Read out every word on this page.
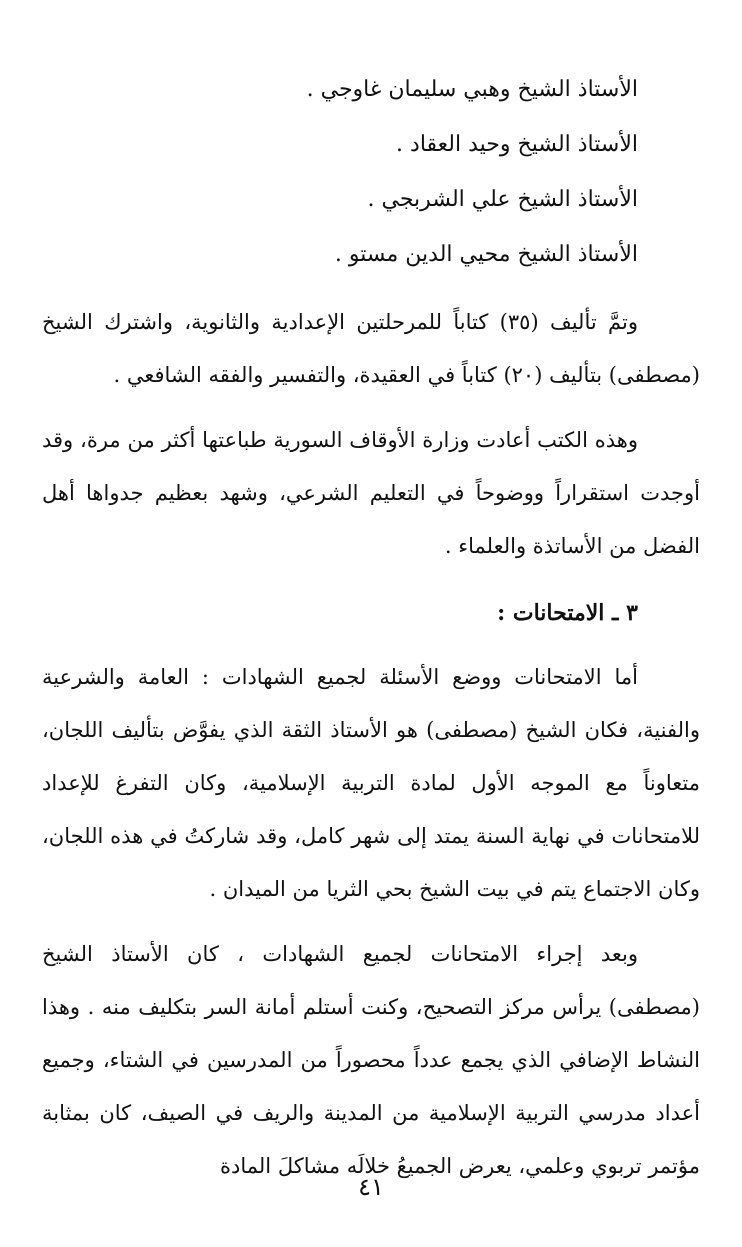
الأستاذ الشيخ وهبي سليمان غاوجي .
الأستاذ الشيخ وحيد العقاد .
الأستاذ الشيخ علي الشربجي .
الأستاذ الشيخ محيي الدين مستو .

وتمَّ تأليف (٣٥) كتاباً للمرحلتين الإعدادية والثانوية، واشترك الشيخ (مصطفى) بتأليف (٢٠) كتاباً في العقيدة، والتفسير والفقه الشافعي .

وهذه الكتب أعادت وزارة الأوقاف السورية طباعتها أكثر من مرة، وقد أوجدت استقراراً ووضوحاً في التعليم الشرعي، وشهد بعظيم جدواها أهل الفضل من الأساتذة والعلماء .

٣ ـ الامتحانات :

أما الامتحانات ووضع الأسئلة لجميع الشهادات : العامة والشرعية والفنية، فكان الشيخ (مصطفى) هو الأستاذ الثقة الذي يفوَّض بتأليف اللجان، متعاوناً مع الموجه الأول لمادة التربية الإسلامية، وكان التفرغ للإعداد للامتحانات في نهاية السنة يمتد إلى شهر كامل، وقد شاركتُ في هذه اللجان، وكان الاجتماع يتم في بيت الشيخ بحي الثريا من الميدان .

وبعد إجراء الامتحانات لجميع الشهادات ، كان الأستاذ الشيخ (مصطفى) يرأس مركز التصحيح، وكنت أستلم أمانة السر بتكليف منه . وهذا النشاط الإضافي الذي يجمع عدداً محصوراً من المدرسين في الشتاء، وجميع أعداد مدرسي التربية الإسلامية من المدينة والريف في الصيف، كان بمثابة مؤتمر تربوي وعلمي، يعرض الجميعُ خلالَه مشاكلَ المادة

٤١
